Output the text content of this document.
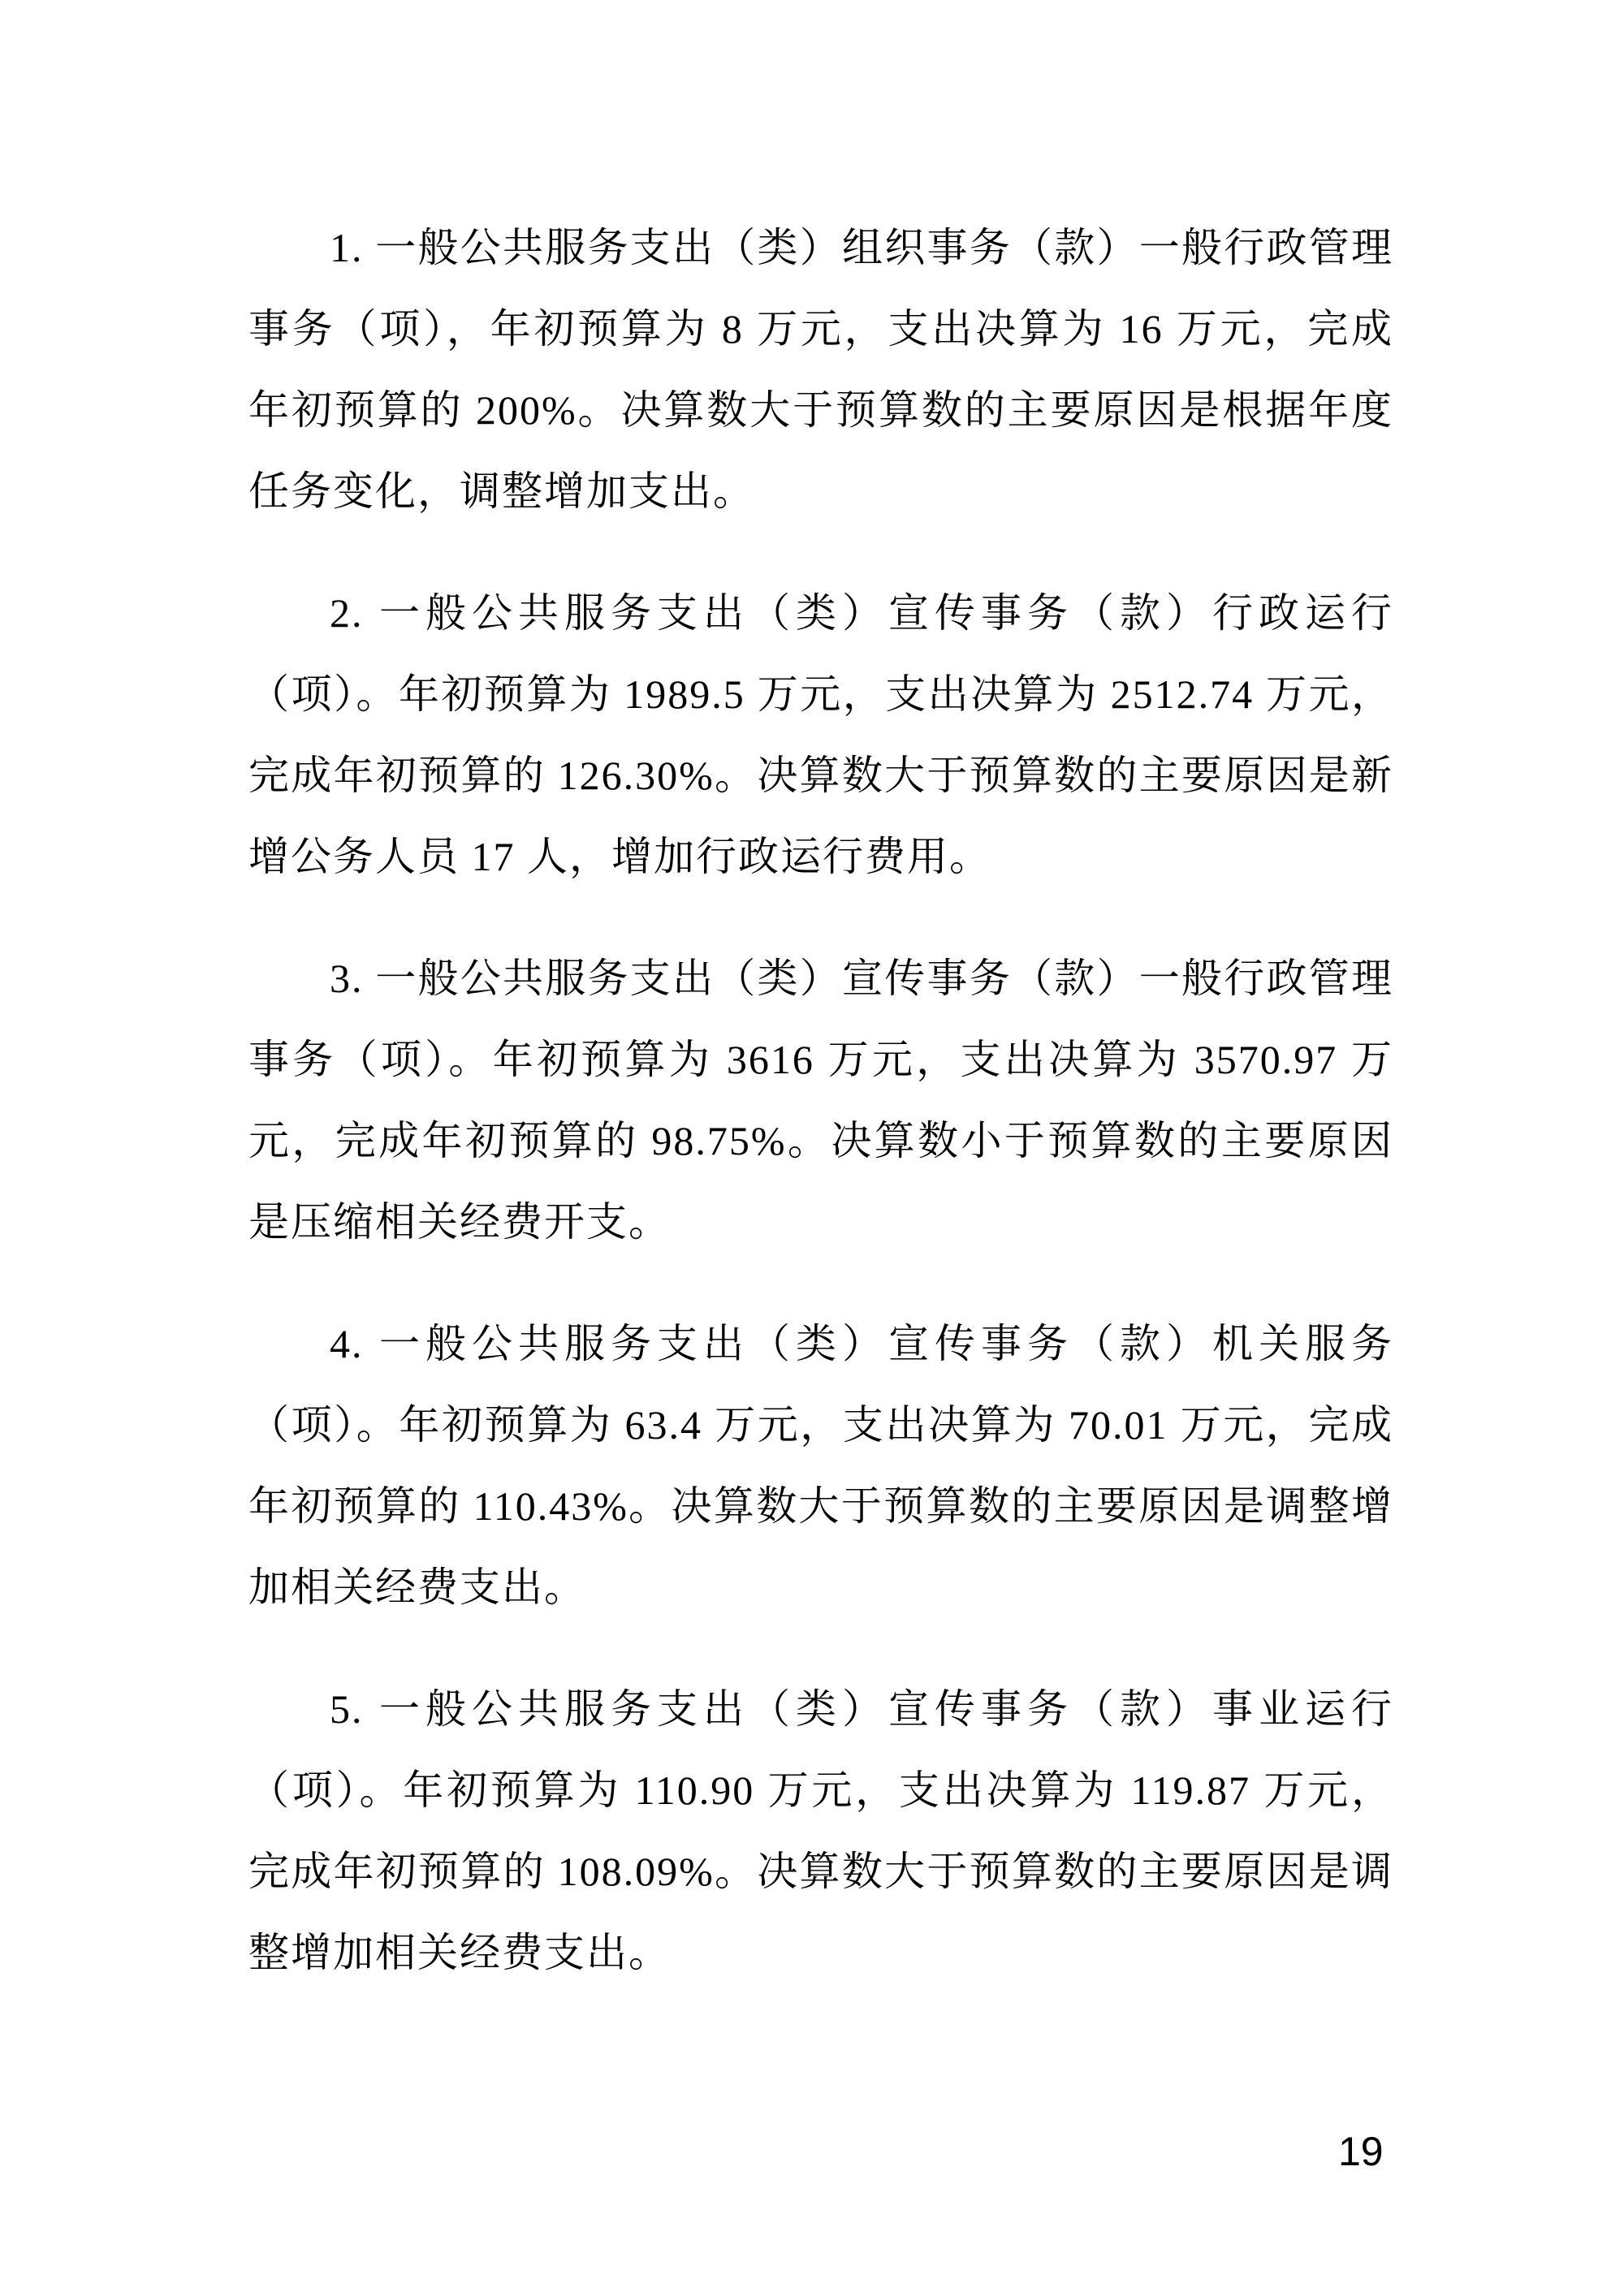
1. 一般公共服务支出（类）组织事务（款）一般行政管理事务（项），年初预算为 8 万元，支出决算为 16 万元，完成年初预算的 200%。决算数大于预算数的主要原因是根据年度任务变化，调整增加支出。

2. 一般公共服务支出（类）宣传事务（款）行政运行（项）。年初预算为 1989.5 万元，支出决算为 2512.74 万元，完成年初预算的 126.30%。决算数大于预算数的主要原因是新增公务人员 17 人，增加行政运行费用。

3. 一般公共服务支出（类）宣传事务（款）一般行政管理事务（项）。年初预算为 3616 万元，支出决算为 3570.97 万元，完成年初预算的 98.75%。决算数小于预算数的主要原因是压缩相关经费开支。

4. 一般公共服务支出（类）宣传事务（款）机关服务（项）。年初预算为 63.4 万元，支出决算为 70.01 万元，完成年初预算的 110.43%。决算数大于预算数的主要原因是调整增加相关经费支出。

5. 一般公共服务支出（类）宣传事务（款）事业运行（项）。年初预算为 110.90 万元，支出决算为 119.87 万元，完成年初预算的 108.09%。决算数大于预算数的主要原因是调整增加相关经费支出。

19
